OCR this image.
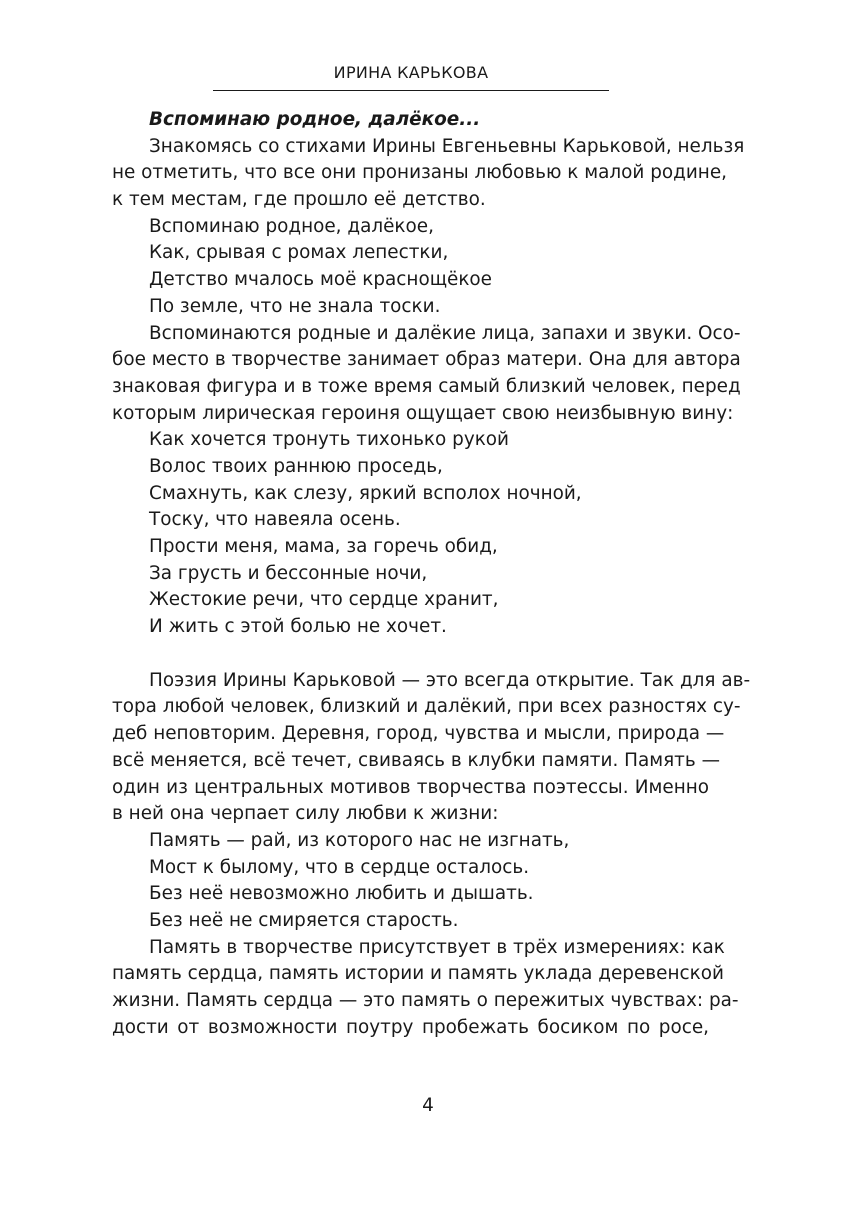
ИРИНА КАРЬКОВА
Вспоминаю родное, далёкое...
Знакомясь со стихами Ирины Евгеньевны Карьковой, нельзя
не отметить, что все они пронизаны любовью к малой родине,
к тем местам, где прошло её детство.
Вспоминаю родное, далёкое,
Как, срывая с ромах лепестки,
Детство мчалось моё краснощёкое
По земле, что не знала тоски.
Вспоминаются родные и далёкие лица, запахи и звуки. Осо-
бое место в творчестве занимает образ матери. Она для автора
знаковая фигура и в тоже время самый близкий человек, перед
которым лирическая героиня ощущает свою неизбывную вину:
Как хочется тронуть тихонько рукой
Волос твоих раннюю проседь,
Смахнуть, как слезу, яркий всполох ночной,
Тоску, что навеяла осень.
Прости меня, мама, за горечь обид,
За грусть и бессонные ночи,
Жестокие речи, что сердце хранит,
И жить с этой болью не хочет.
Поэзия Ирины Карьковой — это всегда открытие. Так для ав-
тора любой человек, близкий и далёкий, при всех разностях су-
деб неповторим. Деревня, город, чувства и мысли, природа —
всё меняется, всё течет, свиваясь в клубки памяти. Память —
один из центральных мотивов творчества поэтессы. Именно
в ней она черпает силу любви к жизни:
Память — рай, из которого нас не изгнать,
Мост к былому, что в сердце осталось.
Без неё невозможно любить и дышать.
Без неё не смиряется старость.
Память в творчестве присутствует в трёх измерениях: как
память сердца, память истории и память уклада деревенской
жизни. Память сердца — это память о пережитых чувствах: ра-
дости от возможности поутру пробежать босиком по росе,
4
